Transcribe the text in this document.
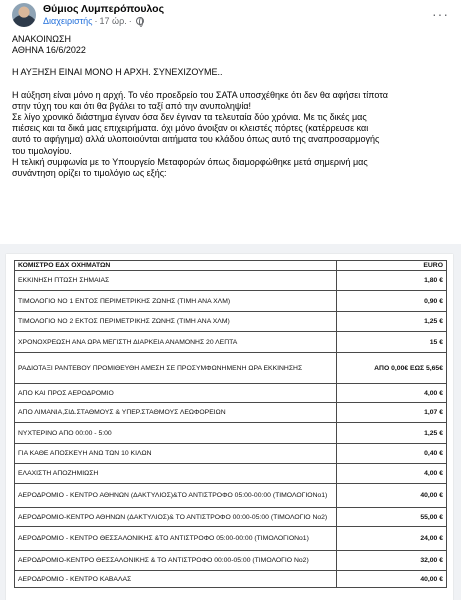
Θύμιος Λυμπερόπουλος
Διαχειριστής · 17 ώρ. ·	···

ΑΝΑΚΟΙΝΩΣΗ

ΑΘΗΝΑ 16/6/2022

Η ΑΥΞΗΣΗ ΕΙΝΑΙ ΜΟΝΟ Η ΑΡΧΗ. ΣΥΝΕΧΙΖΟΥΜΕ..

Η αύξηση είναι μόνο η αρχή. Το νέο προεδρείο του ΣΑΤΑ υποσχέθηκε ότι δεν θα αφήσει τίποτα

στην τύχη του και ότι θα βγάλει το ταξί από την ανυποληψία!

Σε λίγο χρονικό διάστημα έγιναν όσα δεν έγιναν τα τελευταία δύο χρόνια. Με τις δικές μας

πιέσεις και τα δικά μας επιχειρήματα. όχι μόνο άνοιξαν οι κλειστές πόρτες (κατέρρευσε και

αυτό το αφήγημα) αλλά υλοποιούνται αιτήματα του κλάδου όπως αυτό της αναπροσαρμογής

του τιμολογίου.

Η τελική συμφωνία με το Υπουργείο Μεταφορών όπως διαμορφώθηκε μετά σημερινή μας

συνάντηση ορίζει το τιμολόγιο ως εξής:

ΚΟΜΙΣΤΡΟ ΕΔΧ ΟΧΗΜΑΤΩΝ	EURO
ΕΚΚΙΝΗΣΗ ΠΤΩΣΗ ΣΗΜΑΙΑΣ	1,80 €
ΤΙΜΟΛΟΓΙΟ ΝΟ 1 ΕΝΤΟΣ ΠΕΡΙΜΕΤΡΙΚΗΣ ΖΩΝΗΣ (ΤΙΜΗ ΑΝΑ ΧΛΜ)	0,90 €
ΤΙΜΟΛΟΓΙΟ ΝΟ 2 ΕΚΤΟΣ ΠΕΡΙΜΕΤΡΙΚΗΣ ΖΩΝΗΣ (ΤΙΜΗ ΑΝΑ ΧΛΜ)	1,25 €
ΧΡΟΝΟΧΡΕΩΣΗ ΑΝΑ ΩΡΑ ΜΕΓΙΣΤΗ ΔΙΑΡΚΕΙΑ ΑΝΑΜΟΝΗΣ 20 ΛΕΠΤΑ	15 €
ΡΑΔΙΟΤΑΞΙ ΡΑΝΤΕΒΟΥ ΠΡΟΜΙΘΕΥΘΗ ΑΜΕΣΗ ΣΕ ΠΡΟΣΥΜΦΩΝΗΜΕΝΗ ΩΡΑ ΕΚΚΙΝΗΣΗΣ	ΑΠΟ 0,00€ ΕΩΣ 5,65€
ΑΠΟ ΚΑΙ ΠΡΟΣ ΑΕΡΟΔΡΟΜΙΟ	4,00 €
ΑΠΟ ΛΙΜΑΝΙΑ,ΣΙΔ.ΣΤΑΘΜΟΥΣ & ΥΠΕΡ.ΣΤΑΘΜΟΥΣ ΛΕΩΦΟΡΕΙΩΝ	1,07 €
ΝΥΧΤΕΡΙΝΟ ΑΠΟ 00:00 - 5:00	1,25 €
ΓΙΑ ΚΑΘΕ ΑΠΟΣΚΕΥΗ ΑΝΩ ΤΩΝ 10 ΚΙΛΩΝ	0,40 €
ΕΛΑΧΙΣΤΗ ΑΠΟΖΗΜΙΩΣΗ	4,00 €
ΑΕΡΟΔΡΟΜΙΟ - ΚΕΝΤΡΟ ΑΘΗΝΩΝ (ΔΑΚΤΥΛΙΟΣ)&ΤΟ ΑΝΤΙΣΤΡΟΦΟ 05:00-00:00 (ΤΙΜΟΛΟΓΙΟΝο1)	40,00 €
ΑΕΡΟΔΡΟΜΙΟ-ΚΕΝΤΡΟ ΑΘΗΝΩΝ (ΔΑΚΤΥΛΙΟΣ)& ΤΟ ΑΝΤΙΣΤΡΟΦΟ 00:00-05:00 (ΤΙΜΟΛΟΓΙΟ Νο2)	55,00 €
ΑΕΡΟΔΡΟΜΙΟ - ΚΕΝΤΡΟ ΘΕΣΣΑΛΟΝΙΚΗΣ &ΤΟ ΑΝΤΙΣΤΡΟΦΟ 05:00-00:00 (ΤΙΜΟΛΟΓΙΟΝο1)	24,00 €
ΑΕΡΟΔΡΟΜΙΟ-ΚΕΝΤΡΟ ΘΕΣΣΑΛΟΝΙΚΗΣ & ΤΟ ΑΝΤΙΣΤΡΟΦΟ 00:00-05:00 (ΤΙΜΟΛΟΓΙΟ Νο2)	32,00 €
ΑΕΡΟΔΡΟΜΙΟ - ΚΕΝΤΡΟ ΚΑΒΑΛΑΣ	40,00 €
